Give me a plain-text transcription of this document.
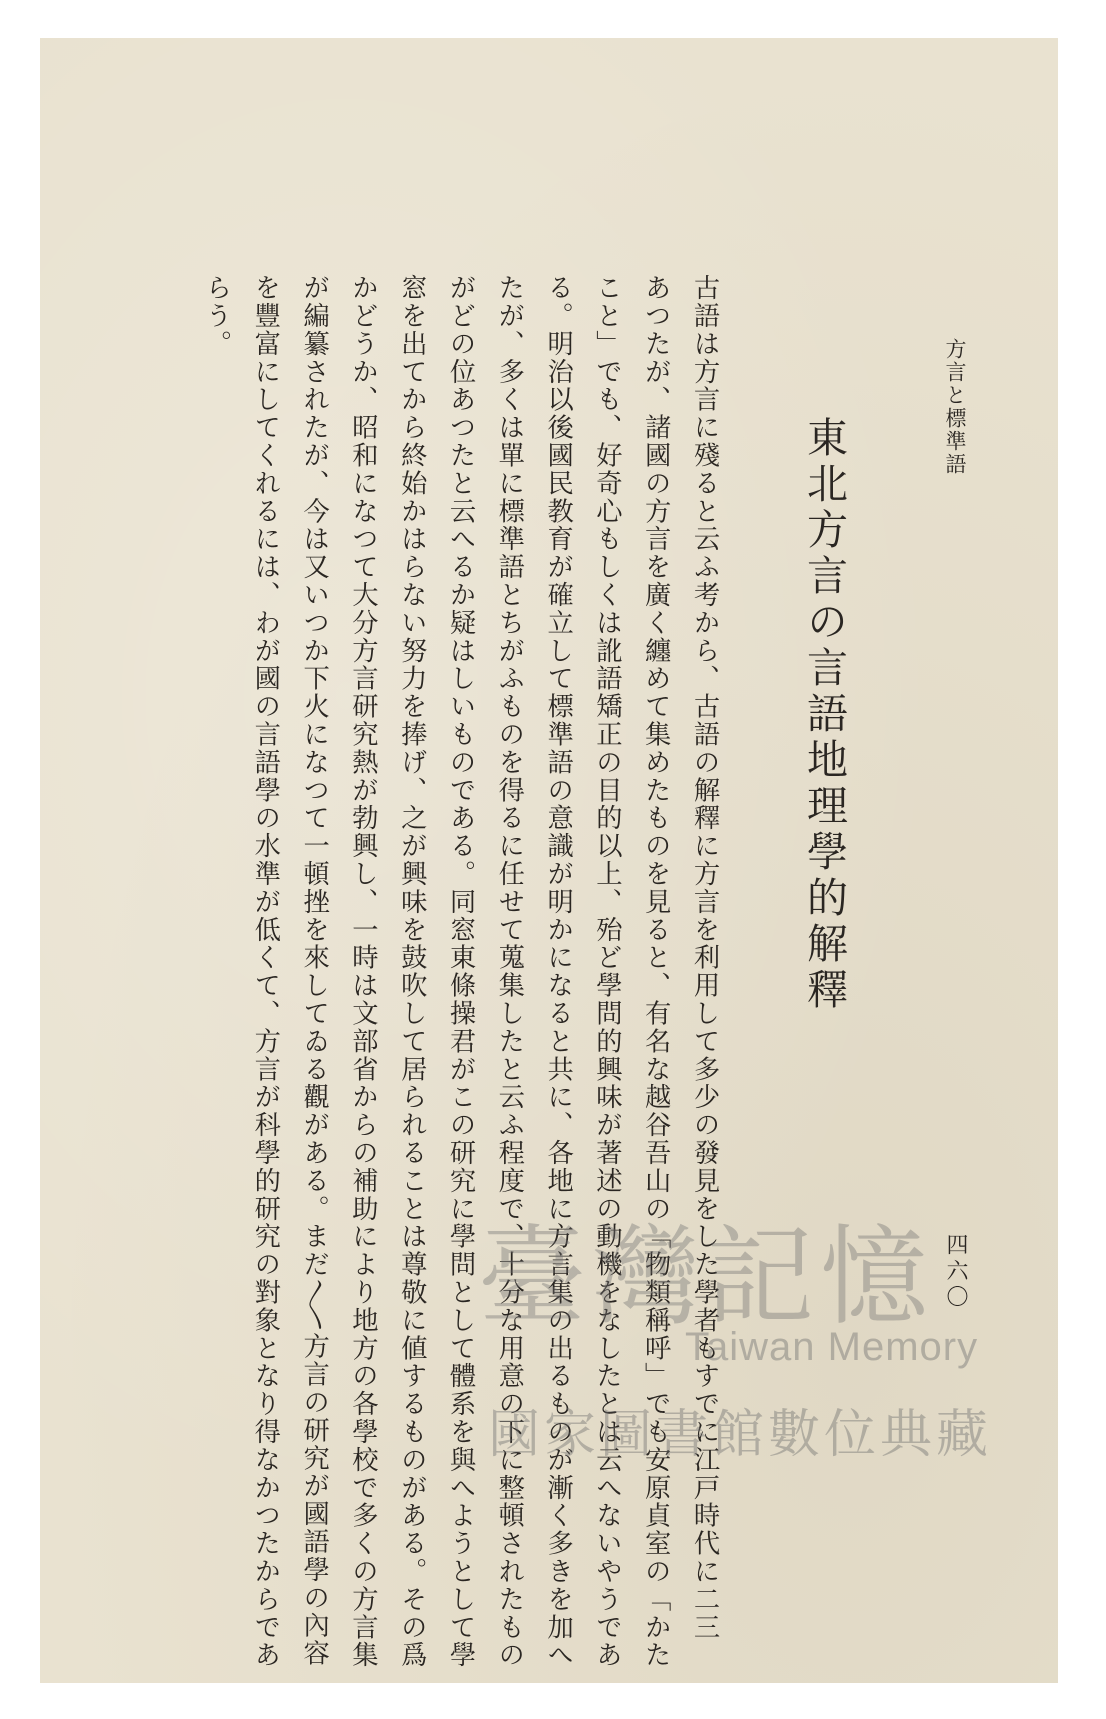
方言と標準語
東北方言の言語地理學的解釋

古語は方言に殘ると云ふ考から、古語の解釋に方言を利用して多少の發見をした學者もすでに江戸時代に二三

あつたが、諸國の方言を廣く纏めて集めたものを見ると、有名な越谷吾山の「物類稱呼」でも安原貞室の「かた

こと」でも、好奇心もしくは訛語矯正の目的以上、殆ど學問的興味が著述の動機をなしたとは云へないやうであ

る。明治以後國民教育が確立して標準語の意識が明かになると共に、各地に方言集の出るものが漸く多きを加へ

たが、多くは單に標準語とちがふものを得るに任せて蒐集したと云ふ程度で、十分な用意の下に整頓されたもの

がどの位あつたと云へるか疑はしいものである。同窓東條操君がこの研究に學問として體系を與へようとして學

窓を出てから終始かはらない努力を捧げ、之が興味を鼓吹して居られることは尊敬に値するものがある。その爲

かどうか、昭和になつて大分方言研究熱が勃興し、一時は文部省からの補助により地方の各學校で多くの方言集

が編纂されたが、今は又いつか下火になつて一頓挫を來してゐる觀がある。まだ〳〵方言の研究が國語學の內容

を豐富にしてくれるには、わが國の言語學の水準が低くて、方言が科學的研究の對象となり得なかつたからであ

らう。

四六〇
臺灣記憶
Taiwan Memory
國家圖書館數位典藏
